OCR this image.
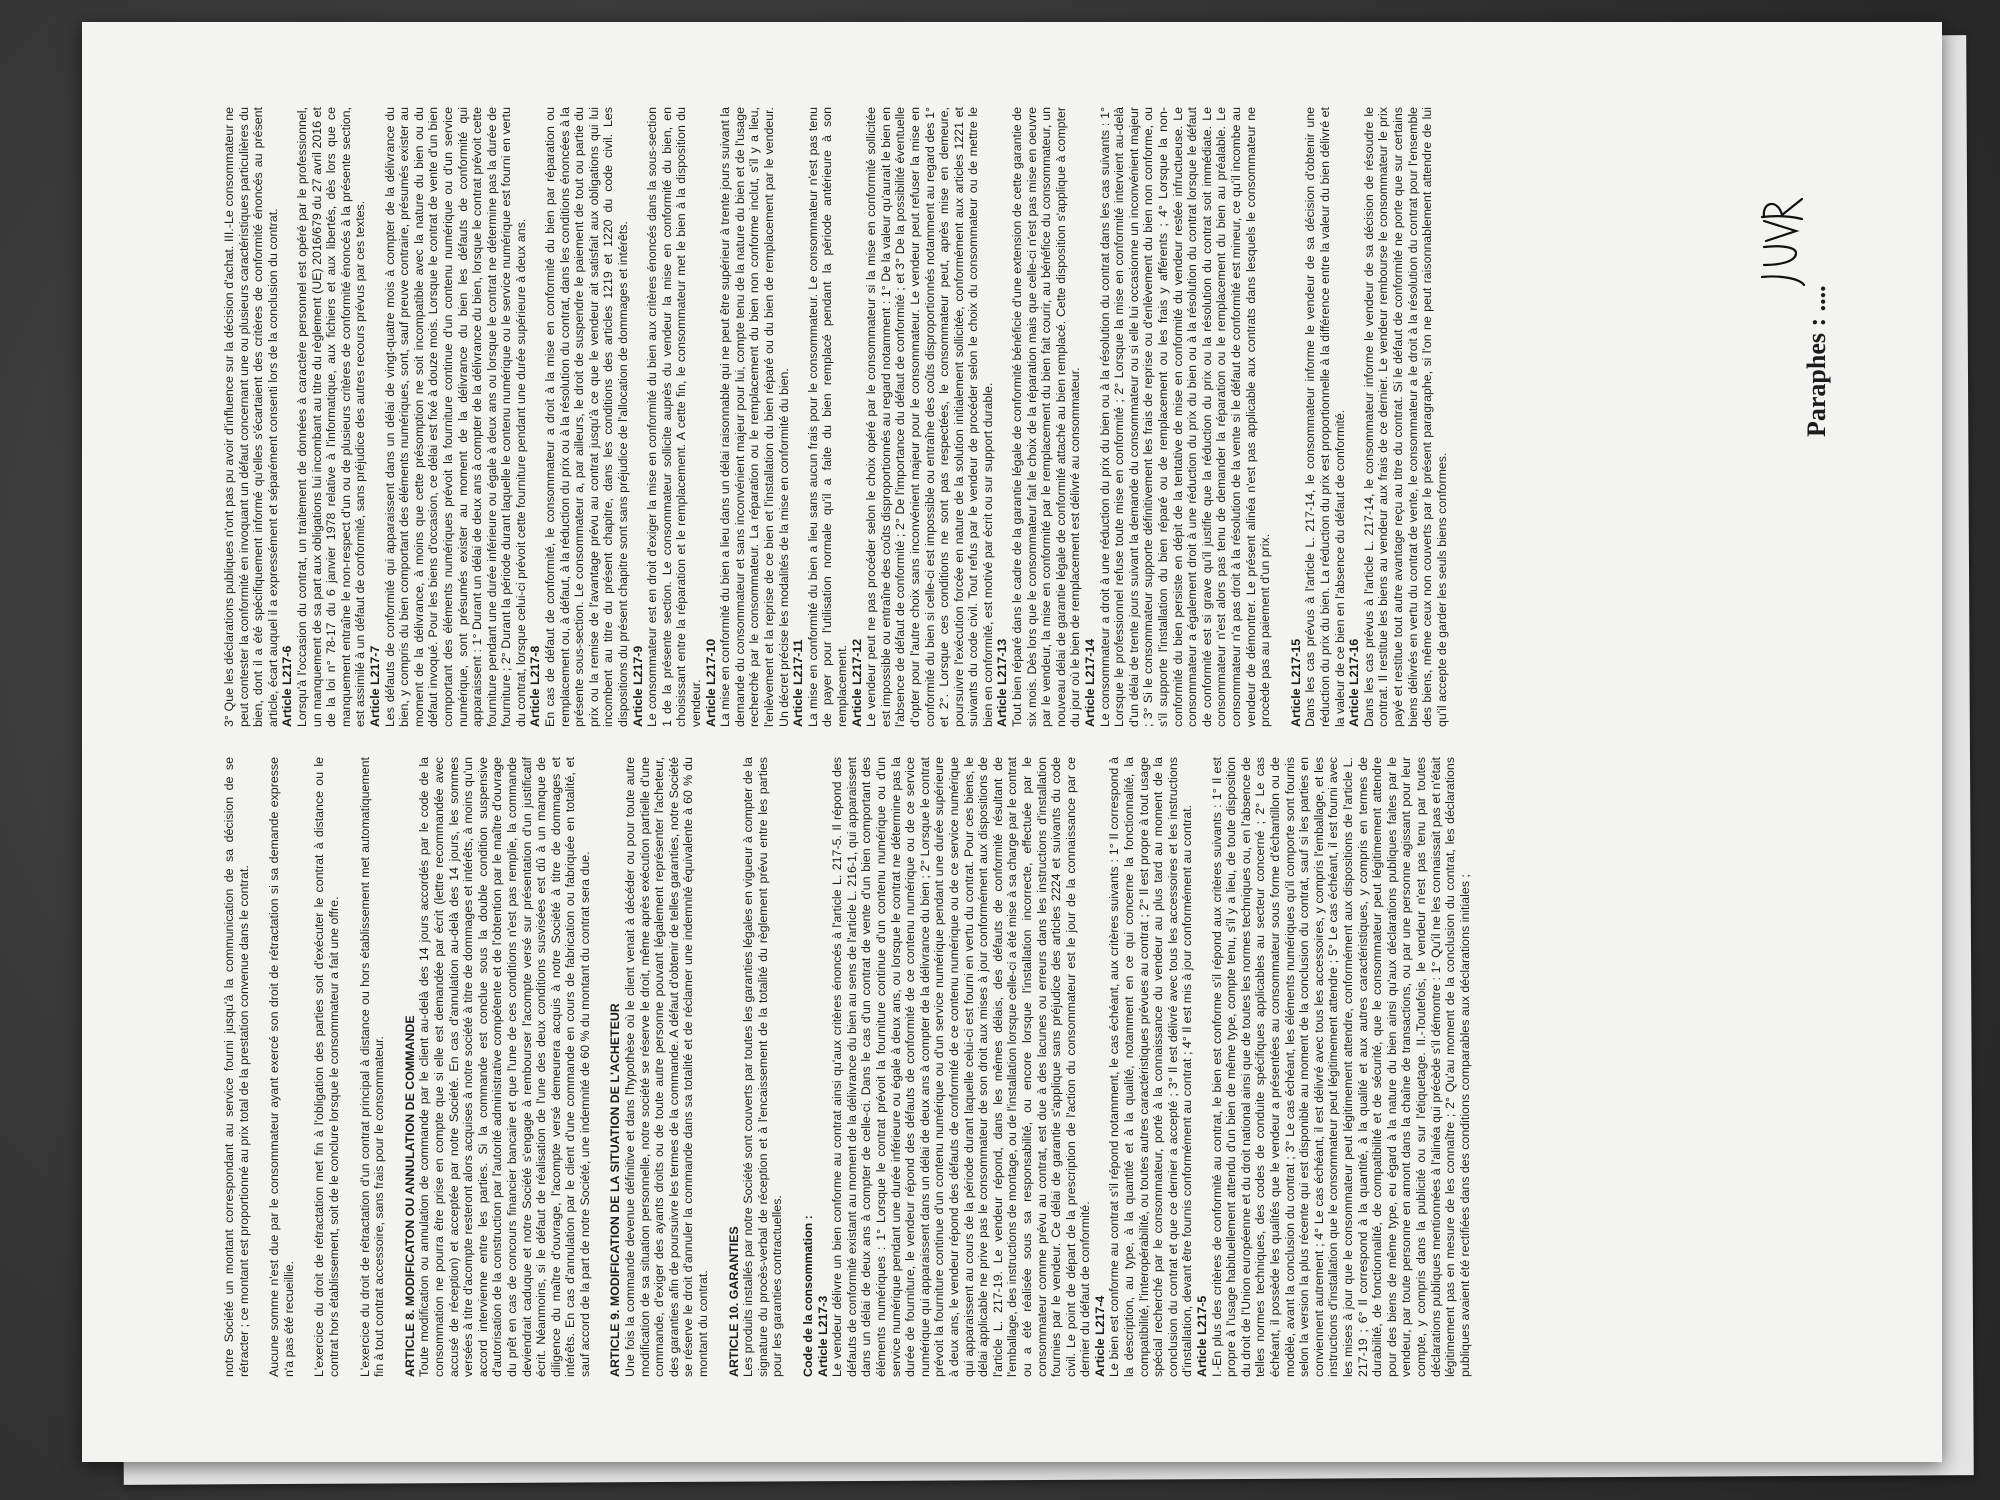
notre Société un montant correspondant au service fourni jusqu'à la communication de sa décision de se rétracter ; ce montant est proportionné au prix total de la prestation convenue dans le contrat. Aucune somme n'est due par le consommateur ayant exercé son droit de rétractation si sa demande expresse n'a pas été recueillie. L'exercice du droit de rétractation met fin à l'obligation des parties soit d'exécuter le contrat à distance ou le contrat hors établissement, soit de le conclure lorsque le consommateur a fait une offre. L'exercice du droit de rétractation d'un contrat principal à distance ou hors établissement met automatiquement fin à tout contrat accessoire, sans frais pour le consommateur. ARTICLE 8. MODIFICATON OU ANNULATION DE COMMANDE Toute modification ou annulation de commande par le client au-delà des 14 jours accordés par le code de la consommation ne pourra être prise en compte que si elle est demandée par écrit (lettre recommandée avec accusé de réception) et acceptée par notre Société. En cas d'annulation au-delà des 14 jours, les sommes versées à titre d'acompte resteront alors acquises à notre société à titre de dommages et intérêts, à moins qu'un accord intervienne entre les parties. Si la commande est conclue sous la double condition suspensive d'autorisation de la construction par l'autorité administrative compétente et de l'obtention par le maître d'ouvrage du prêt en cas de concours financier bancaire et que l'une de ces conditions n'est pas remplie, la commande deviendrait caduque et notre Société s'engage à rembourser l'acompte versé sur présentation d'un justificatif écrit. Néanmoins, si le défaut de réalisation de l'une des deux conditions susvisées est dû à un manque de diligence du maître d'ouvrage, l'acompte versé demeurera acquis à notre Société à titre de dommages et intérêts. En cas d'annulation par le client d'une commande en cours de fabrication ou fabriquée en totalité, et sauf accord de la part de notre Société, une indemnité de 60 % du montant du contrat sera due. ARTICLE 9. MODIFICATION DE LA SITUATION DE L'ACHETEUR Une fois la commande devenue définitive et dans l'hypothèse où le client venait à décéder ou pour toute autre modification de sa situation personnelle, notre société se réserve le droit, même après exécution partielle d'une commande, d'exiger des ayants droits ou de toute autre personne pouvant légalement représenter l'acheteur, des garanties afin de poursuivre les termes de la commande. A défaut d'obtenir de telles garanties, notre Société se réserve le droit d'annuler la commande dans sa totalité et de réclamer une indemnité équivalente à 60 % du montant du contrat. ARTICLE 10. GARANTIES Les produits installés par notre Société sont couverts par toutes les garanties légales en vigueur à compter de la signature du procès-verbal de réception et à l'encaissement de la totalité du règlement prévu entre les parties pour les garanties contractuelles. Code de la consommation : Article L217-3 Le vendeur délivre un bien conforme au contrat ainsi qu'aux critères énoncés à l'article L. 217-5. Il répond des défauts de conformité existant au moment de la délivrance du bien au sens de l'article L. 216-1, qui apparaissent dans un délai de deux ans à compter de celle-ci. Dans le cas d'un contrat de vente d'un bien comportant des éléments numériques : 1° Lorsque le contrat prévoit la fourniture continue d'un contenu numérique ou d'un service numérique pendant une durée inférieure ou égale à deux ans, ou lorsque le contrat ne détermine pas la durée de fourniture, le vendeur répond des défauts de conformité de ce contenu numérique ou de ce service numérique qui apparaissent dans un délai de deux ans à compter de la délivrance du bien ; 2° Lorsque le contrat prévoit la fourniture continue d'un contenu numérique ou d'un service numérique pendant une durée supérieure à deux ans, le vendeur répond des défauts de conformité de ce contenu numérique ou de ce service numérique qui apparaissent au cours de la période durant laquelle celui-ci est fourni en vertu du contrat. Pour ces biens, le délai applicable ne prive pas le consommateur de son droit aux mises à jour conformément aux dispositions de l'article L. 217-19. Le vendeur répond, dans les mêmes délais, des défauts de conformité résultant de l'emballage, des instructions de montage, ou de l'installation lorsque celle-ci a été mise à sa charge par le contrat ou a été réalisée sous sa responsabilité, ou encore lorsque l'installation incorrecte, effectuée par le consommateur comme prévu au contrat, est due à des lacunes ou erreurs dans les instructions d'installation fournies par le vendeur. Ce délai de garantie s'applique sans préjudice des articles 2224 et suivants du code civil. Le point de départ de la prescription de l'action du consommateur est le jour de la connaissance par ce dernier du défaut de conformité. Article L217-4 Le bien est conforme au contrat s'il répond notamment, le cas échéant, aux critères suivants : 1° Il correspond à la description, au type, à la quantité et à la qualité, notamment en ce qui concerne la fonctionnalité, la compatibilité, l'interopérabilité, ou toutes autres caractéristiques prévues au contrat ; 2° Il est propre à tout usage spécial recherché par le consommateur, porté à la connaissance du vendeur au plus tard au moment de la conclusion du contrat et que ce dernier a accepté ; 3° Il est délivré avec tous les accessoires et les instructions d'installation, devant être fournis conformément au contrat ; 4° Il est mis à jour conformément au contrat. Article L217-5 I.-En plus des critères de conformité au contrat, le bien est conforme s'il répond aux critères suivants : 1° Il est propre à l'usage habituellement attendu d'un bien de même type, compte tenu, s'il y a lieu, de toute disposition du droit de l'Union européenne et du droit national ainsi que de toutes les normes techniques ou, en l'absence de telles normes techniques, des codes de conduite spécifiques applicables au secteur concerné ; 2° Le cas échéant, il possède les qualités que le vendeur a présentées au consommateur sous forme d'échantillon ou de modèle, avant la conclusion du contrat ; 3° Le cas échéant, les éléments numériques qu'il comporte sont fournis selon la version la plus récente qui est disponible au moment de la conclusion du contrat, sauf si les parties en conviennent autrement ; 4° Le cas échéant, il est délivré avec tous les accessoires, y compris l'emballage, et les instructions d'installation que le consommateur peut légitimement attendre ; 5° Le cas échéant, il est fourni avec les mises à jour que le consommateur peut légitimement attendre, conformément aux dispositions de l'article L. 217-19 ; 6° Il correspond à la quantité, à la qualité et aux autres caractéristiques, y compris en termes de durabilité, de fonctionnalité, de compatibilité et de sécurité, que le consommateur peut légitimement attendre pour des biens de même type, eu égard à la nature du bien ainsi qu'aux déclarations publiques faites par le vendeur, par toute personne en amont dans la chaîne de transactions, ou par une personne agissant pour leur compte, y compris dans la publicité ou sur l'étiquetage. II.-Toutefois, le vendeur n'est pas tenu par toutes déclarations publiques mentionnées à l'alinéa qui précède s'il démontre : 1° Qu'il ne les connaissait pas et n'était légitimement pas en mesure de les connaître ; 2° Qu'au moment de la conclusion du contrat, les déclarations publiques avaient été rectifiées dans des conditions comparables aux déclarations initiales ;

3° Que les déclarations publiques n'ont pas pu avoir d'influence sur la décision d'achat. III.-Le consommateur ne peut contester la conformité en invoquant un défaut concernant une ou plusieurs caractéristiques particulières du bien, dont il a été spécifiquement informé qu'elles s'écartaient des critères de conformité énoncés au présent article, écart auquel il a expressément et séparément consenti lors de la conclusion du contrat. Article L217-6 Lorsqu'à l'occasion du contrat, un traitement de données à caractère personnel est opéré par le professionnel, un manquement de sa part aux obligations lui incombant au titre du règlement (UE) 2016/679 du 27 avril 2016 et de la loi n° 78-17 du 6 janvier 1978 relative à l'informatique, aux fichiers et aux libertés, dès lors que ce manquement entraîne le non-respect d'un ou de plusieurs critères de conformité énoncés à la présente section, est assimilé à un défaut de conformité, sans préjudice des autres recours prévus par ces textes. Article L217-7 Les défauts de conformité qui apparaissent dans un délai de vingt-quatre mois à compter de la délivrance du bien, y compris du bien comportant des éléments numériques, sont, sauf preuve contraire, présumés exister au moment de la délivrance, à moins que cette présomption ne soit incompatible avec la nature du bien ou du défaut invoqué. Pour les biens d'occasion, ce délai est fixé à douze mois. Lorsque le contrat de vente d'un bien comportant des éléments numériques prévoit la fourniture continue d'un contenu numérique ou d'un service numérique, sont présumés exister au moment de la délivrance du bien les défauts de conformité qui apparaissent : 1° Durant un délai de deux ans à compter de la délivrance du bien, lorsque le contrat prévoit cette fourniture pendant une durée inférieure ou égale à deux ans ou lorsque le contrat ne détermine pas la durée de fourniture ; 2° Durant la période durant laquelle le contenu numérique ou le service numérique est fourni en vertu du contrat, lorsque celui-ci prévoit cette fourniture pendant une durée supérieure à deux ans. Article L217-8 En cas de défaut de conformité, le consommateur a droit à la mise en conformité du bien par réparation ou remplacement ou, à défaut, à la réduction du prix ou à la résolution du contrat, dans les conditions énoncées à la présente sous-section. Le consommateur a, par ailleurs, le droit de suspendre le paiement de tout ou partie du prix ou la remise de l'avantage prévu au contrat jusqu'à ce que le vendeur ait satisfait aux obligations qui lui incombent au titre du présent chapitre, dans les conditions des articles 1219 et 1220 du code civil. Les dispositions du présent chapitre sont sans préjudice de l'allocation de dommages et intérêts. Article L217-9 Le consommateur est en droit d'exiger la mise en conformité du bien aux critères énoncés dans la sous-section 1 de la présente section. Le consommateur sollicite auprès du vendeur la mise en conformité du bien, en choisissant entre la réparation et le remplacement. A cette fin, le consommateur met le bien à la disposition du vendeur. Article L217-10 La mise en conformité du bien a lieu dans un délai raisonnable qui ne peut être supérieur à trente jours suivant la demande du consommateur et sans inconvénient majeur pour lui, compte tenu de la nature du bien et de l'usage recherché par le consommateur. La réparation ou le remplacement du bien non conforme inclut, s'il y a lieu, l'enlèvement et la reprise de ce bien et l'installation du bien réparé ou du bien de remplacement par le vendeur. Un décret précise les modalités de la mise en conformité du bien. Article L217-11 La mise en conformité du bien a lieu sans aucun frais pour le consommateur. Le consommateur n'est pas tenu de payer pour l'utilisation normale qu'il a faite du bien remplacé pendant la période antérieure à son remplacement. Article L217-12 Le vendeur peut ne pas procéder selon le choix opéré par le consommateur si la mise en conformité sollicitée est impossible ou entraîne des coûts disproportionnés au regard notamment : 1° De la valeur qu'aurait le bien en l'absence de défaut de conformité ; 2° De l'importance du défaut de conformité ; et 3° De la possibilité éventuelle d'opter pour l'autre choix sans inconvénient majeur pour le consommateur. Le vendeur peut refuser la mise en conformité du bien si celle-ci est impossible ou entraîne des coûts disproportionnés notamment au regard des 1° et 2°. Lorsque ces conditions ne sont pas respectées, le consommateur peut, après mise en demeure, poursuivre l'exécution forcée en nature de la solution initialement sollicitée, conformément aux articles 1221 et suivants du code civil. Tout refus par le vendeur de procéder selon le choix du consommateur ou de mettre le bien en conformité, est motivé par écrit ou sur support durable. Article L217-13 Tout bien réparé dans le cadre de la garantie légale de conformité bénéficie d'une extension de cette garantie de six mois. Dès lors que le consommateur fait le choix de la réparation mais que celle-ci n'est pas mise en oeuvre par le vendeur, la mise en conformité par le remplacement du bien fait courir, au bénéfice du consommateur, un nouveau délai de garantie légale de conformité attaché au bien remplacé. Cette disposition s'applique à compter du jour où le bien de remplacement est délivré au consommateur. Article L217-14 Le consommateur a droit à une réduction du prix du bien ou à la résolution du contrat dans les cas suivants : 1° Lorsque le professionnel refuse toute mise en conformité ; 2° Lorsque la mise en conformité intervient au-delà d'un délai de trente jours suivant la demande du consommateur ou si elle lui occasionne un inconvénient majeur ; 3° Si le consommateur supporte définitivement les frais de reprise ou d'enlèvement du bien non conforme, ou s'il supporte l'installation du bien réparé ou de remplacement ou les frais y afférents ; 4° Lorsque la non-conformité du bien persiste en dépit de la tentative de mise en conformité du vendeur restée infructueuse. Le consommateur a également droit à une réduction du prix du bien ou à la résolution du contrat lorsque le défaut de conformité est si grave qu'il justifie que la réduction du prix ou la résolution du contrat soit immédiate. Le consommateur n'est alors pas tenu de demander la réparation ou le remplacement du bien au préalable. Le consommateur n'a pas droit à la résolution de la vente si le défaut de conformité est mineur, ce qu'il incombe au vendeur de démontrer. Le présent alinéa n'est pas applicable aux contrats dans lesquels le consommateur ne procède pas au paiement d'un prix. Article L217-15 Dans les cas prévus à l'article L. 217-14, le consommateur informe le vendeur de sa décision d'obtenir une réduction du prix du bien. La réduction du prix est proportionnelle à la différence entre la valeur du bien délivré et la valeur de ce bien en l'absence du défaut de conformité. Article L217-16 Dans les cas prévus à l'article L. 217-14, le consommateur informe le vendeur de sa décision de résoudre le contrat. Il restitue les biens au vendeur aux frais de ce dernier. Le vendeur rembourse le consommateur le prix payé et restitue tout autre avantage reçu au titre du contrat. Si le défaut de conformité ne porte que sur certains biens délivrés en vertu du contrat de vente, le consommateur a le droit à la résolution du contrat pour l'ensemble des biens, même ceux non couverts par le présent paragraphe, si l'on ne peut raisonnablement attendre de lui qu'il accepte de garder les seuls biens conformes.

Paraphes : ....
